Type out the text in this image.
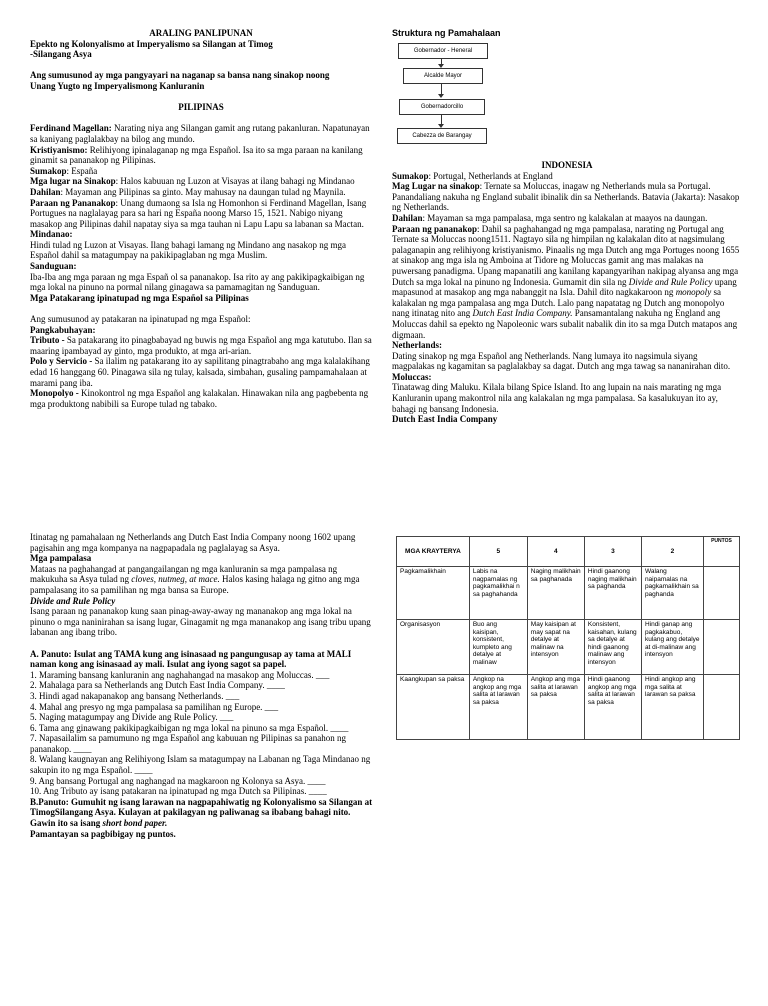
ARALING PANLIPUNAN

Epekto ng Kolonyalismo at Imperyalismo sa Silangan at Timog

-Silangang Asya

Ang sumusunod ay mga pangyayari na naganap sa bansa nang sinakop noong

Unang Yugto ng Imperyalismong Kanluranin

PILIPINAS

Ferdinand Magellan: Narating niya ang Silangan gamit ang rutang pakanluran. Napatunayan sa kaniyang paglalakbay na bilog ang mundo.

Kristiyanismo: Relihiyong ipinalaganap ng mga Español. Isa ito sa mga paraan na kanilang ginamit sa pananakop ng Pilipinas.

Sumakop: España

Mga lugar na Sinakop: Halos kabuuan ng Luzon at Visayas at ilang bahagi ng Mindanao

Dahilan: Mayaman ang Pilipinas sa ginto. May mahusay na daungan tulad ng Maynila.

Paraan ng Pananakop: Unang dumaong sa Isla ng Homonhon si Ferdinand Magellan, Isang Portugues na naglalayag para sa hari ng España noong Marso 15, 1521. Nabigo niyang masakop ang Pilipinas dahil napatay siya sa mga tauhan ni Lapu Lapu sa labanan sa Mactan.

Mindanao:

Hindi tulad ng Luzon at Visayas. Ilang bahagi lamang ng Mindano ang nasakop ng mga Español dahil sa matagumpay na pakikipaglaban ng mga Muslim.

Sanduguan:

Iba-Iba ang mga paraan ng mga Españ ol sa pananakop. Isa rito ay ang pakikipagkaibigan ng mga lokal na pinuno na pormal nilang ginagawa sa pamamagitan ng Sanduguan.

Mga Patakarang ipinatupad ng mga Español sa Pilipinas

Ang sumusunod ay patakaran na ipinatupad ng mga Español:

Pangkabuhayan:

Tributo - Sa patakarang ito pinagbabayad ng buwis ng mga Español ang mga katutubo. Ilan sa maaring ipambayad ay ginto, mga produkto, at mga ari-arian.

Polo y Servicio - Sa ilalim ng patakarang ito ay sapilitang pinagtrabaho ang mga kalalakihang edad 16 hanggang 60. Pinagawa sila ng tulay, kalsada, simbahan, gusaling pampamahalaan at marami pang iba.

Monopolyo - Kinokontrol ng mga Español ang kalakalan. Hinawakan nila ang pagbebenta ng mga produktong nabibili sa Europe tulad ng tabako.

Struktura ng Pamahalaan
Gobernador - Heneral
Alcalde Mayor
Gobernadorcillo
Cabezza de Barangay

INDONESIA

Sumakop: Portugal, Netherlands at England

Mag Lugar na sinakop: Ternate sa Moluccas, inagaw ng Netherlands mula sa Portugal. Panandaliang nakuha ng England subalit ibinalik din sa Netherlands. Batavia (Jakarta): Nasakop ng Netherlands.

Dahilan: Mayaman sa mga pampalasa, mga sentro ng kalakalan at maayos na daungan.

Paraan ng pananakop: Dahil sa paghahangad ng mga pampalasa, narating ng Portugal ang Ternate sa Moluccas noong1511. Nagtayo sila ng himpilan ng kalakalan dito at nagsimulang palaganapin ang relihiyong kristiyanismo. Pinaalis ng mga Dutch ang mga Portuges noong 1655 at sinakop ang mga isla ng Amboina at Tidore ng Moluccas gamit ang mas malakas na puwersang panadigma. Upang mapanatili ang kanilang kapangyarihan nakipag alyansa ang mga Dutch sa mga lokal na pinuno ng Indonesia. Gumamit din sila ng Divide and Rule Policy upang mapasunod at masakop ang mga nabanggit na Isla. Dahil dito nagkakaroon ng monopoly sa kalakalan ng mga pampalasa ang mga Dutch. Lalo pang napatatag ng Dutch ang monopolyo nang itinatag nito ang Dutch East India Company. Pansamantalang nakuha ng England ang Moluccas dahil sa epekto ng Napoleonic wars subalit nabalik din ito sa mga Dutch matapos ang digmaan.

Netherlands:

Dating sinakop ng mga Español ang Netherlands. Nang lumaya ito nagsimula siyang magpalakas ng kagamitan sa paglalakbay sa dagat. Dutch ang mga tawag sa nananirahan dito.

Moluccas:

Tinatawag ding Maluku. Kilala bilang Spice Island. Ito ang lupain na nais marating ng mga Kanluranin upang makontrol nila ang kalakalan ng mga pampalasa. Sa kasalukuyan ito ay, bahagi ng bansang Indonesia.

Dutch East India Company

Itinatag ng pamahalaan ng Netherlands ang Dutch East India Company noong 1602 upang pagisahin ang mga kompanya na nagpapadala ng paglalayag sa Asya.

Mga pampalasa

Mataas na paghahangad at pangangailangan ng mga kanluranin sa mga pampalasa ng makukuha sa Asya tulad ng cloves, nutmeg, at mace. Halos kasing halaga ng gitno ang mga pampalasang ito sa pamilihan ng mga bansa sa Europe.

Divide and Rule Policy

Isang paraan ng pananakop kung saan pinag-away-away ng mananakop ang mga lokal na pinuno o mga naninirahan sa isang lugar, Ginagamit ng mga mananakop ang isang tribu upang labanan ang ibang tribo.

A. Panuto: Isulat ang TAMA kung ang isinasaad ng pangungusap ay tama at MALI naman kong ang isinasaad ay mali. Isulat ang iyong sagot sa papel.

1. Maraming bansang kanluranin ang naghahangad na masakop ang Moluccas. ___

2. Mahalaga para sa Netherlands ang Dutch East India Company. ____

3. Hindi agad nakapanakop ang bansang Netherlands. ___

4. Mahal ang presyo ng mga pampalasa sa pamilihan ng Europe. ___

5. Naging matagumpay ang Divide ang Rule Policy. ___

6. Tama ang ginawang pakikipagkaibigan ng mga lokal na pinuno sa mga Español. ____

7. Napasailalim sa pamumuno ng mga Español ang kabuuan ng Pilipinas sa panahon ng pananakop. ____

8. Walang kaugnayan ang Relihiyong Islam sa matagumpay na Labanan ng Taga Mindanao ng sakupin ito ng mga Español. ____

9. Ang bansang Portugal ang naghangad na magkaroon ng Kolonya sa Asya. ____

10. Ang Tributo ay isang patakaran na ipinatupad ng mga Dutch sa Pilipinas. ____

B.Panuto: Gumuhit ng isang larawan na nagpapahiwatig ng Kolonyalismo sa Silangan at TimogSilangang Asya. Kulayan at pakilagyan ng paliwanag sa ibabang bahagi nito. Gawin ito sa isang short bond paper.

Pamantayan sa pagbibigay ng puntos.

MGA KRAYTERYA	5	4	3	2	PUNTOS
Pagkamalikhain	Labis na nagpamalas ng pagkamalikhai n sa paghahanda	Naging malikhain sa paghanada	Hindi gaanong naging malikhain sa paghanda	Walang naipamalas na pagkamalikhain sa paghanda	
Organisasyon	Buo ang kaisipan, konsistent, kumpleto ang detalye at malinaw	May kaisipan at may sapat na detalye at malinaw na intensyon	Konsistent, kaisahan, kulang sa detalye at hindi gaanong malinaw ang intensyon	Hindi ganap ang pagkakabuo, kulang ang detalye at di-malinaw ang intensyon	
Kaangkupan sa paksa	Angkop na angkop ang mga salita at larawan sa paksa	Angkop ang mga salita at larawan sa paksa	Hindi gaanong angkop ang mga salita at larawan sa paksa	Hindi angkop ang mga salita at larawan sa paksa	
